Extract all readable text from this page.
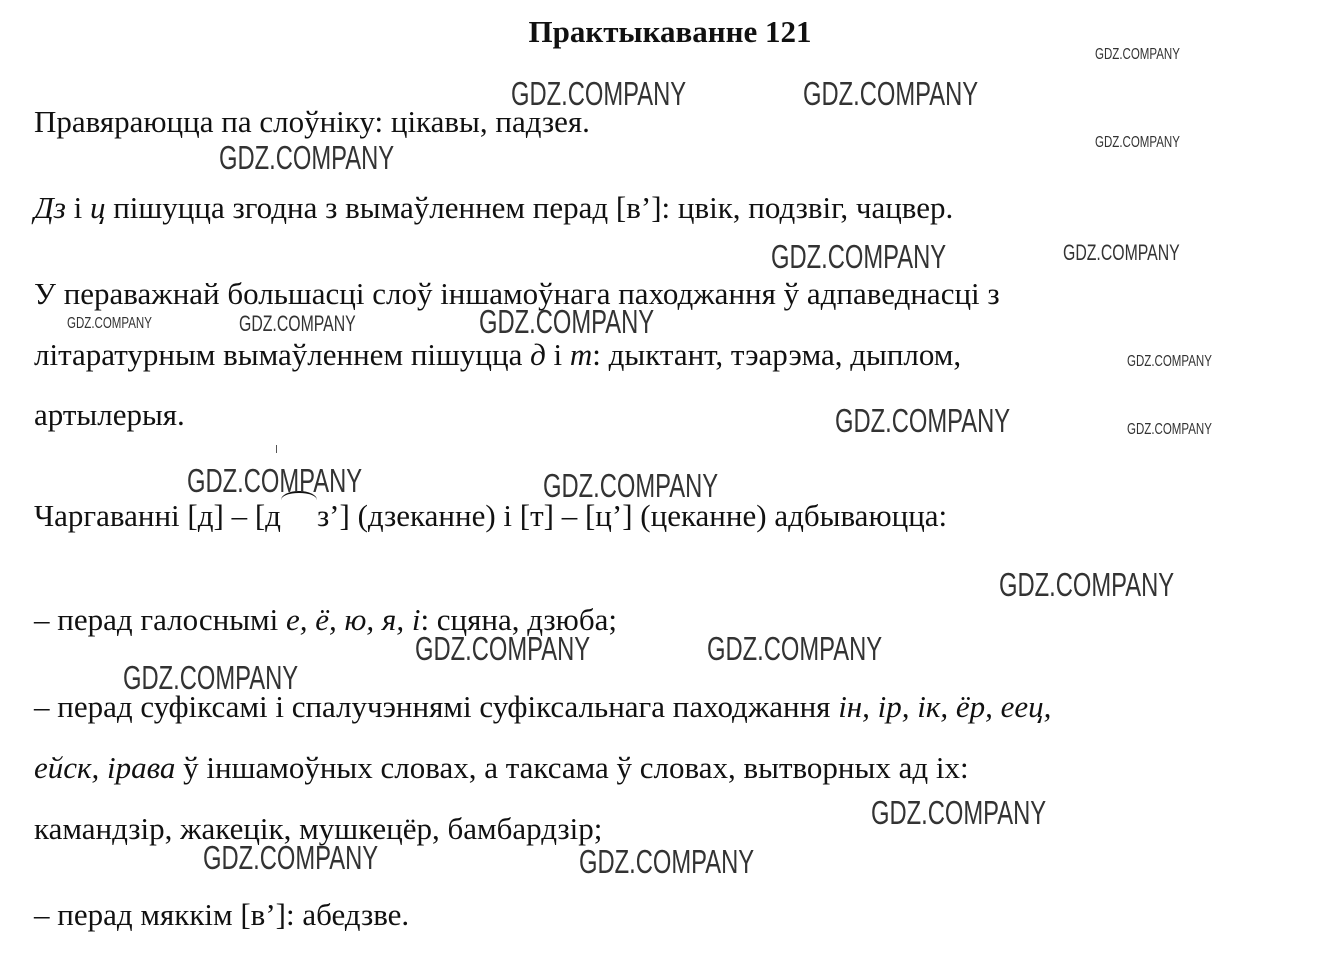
Практыкаванне 121
Правяраюцца па слоўніку: цікавы, падзея.
Дз і ц пішуцца згодна з вымаўленнем перад [в’]: цвік, подзвіг, чацвер.
У пераважнай большасці слоў іншамоўнага паходжання ў адпаведнасці з
літаратурным вымаўленнем пішуцца д і т: дыктант, тэарэма, дыплом,
артылерыя.
Чаргаванні [д] – [д з’] (дзеканне) і [т] – [ц’] (цеканне) адбываюцца:
– перад галоснымі е, ё, ю, я, і: сцяна, дзюба;
– перад суфіксамі і спалучэннямі суфіксальнага паходжання ін, ір, ік, ёр, еец,
ейск, ірава ў іншамоўных словах, а таксама ў словах, вытворных ад іх:
камандзір, жакецік, мушкецёр, бамбардзір;
– перад мяккім [в’]: абедзве.
GDZ.COMPANY
GDZ.COMPANY	GDZ.COMPANY
GDZ.COMPANY
GDZ.COMPANY
GDZ.COMPANY	GDZ.COMPANY
GDZ.COMPANY	GDZ.COMPANY	GDZ.COMPANY
GDZ.COMPANY
GDZ.COMPANY	GDZ.COMPANY
GDZ.COMPANY	GDZ.COMPANY
GDZ.COMPANY
GDZ.COMPANY	GDZ.COMPANY
GDZ.COMPANY
GDZ.COMPANY
GDZ.COMPANY	GDZ.COMPANY
